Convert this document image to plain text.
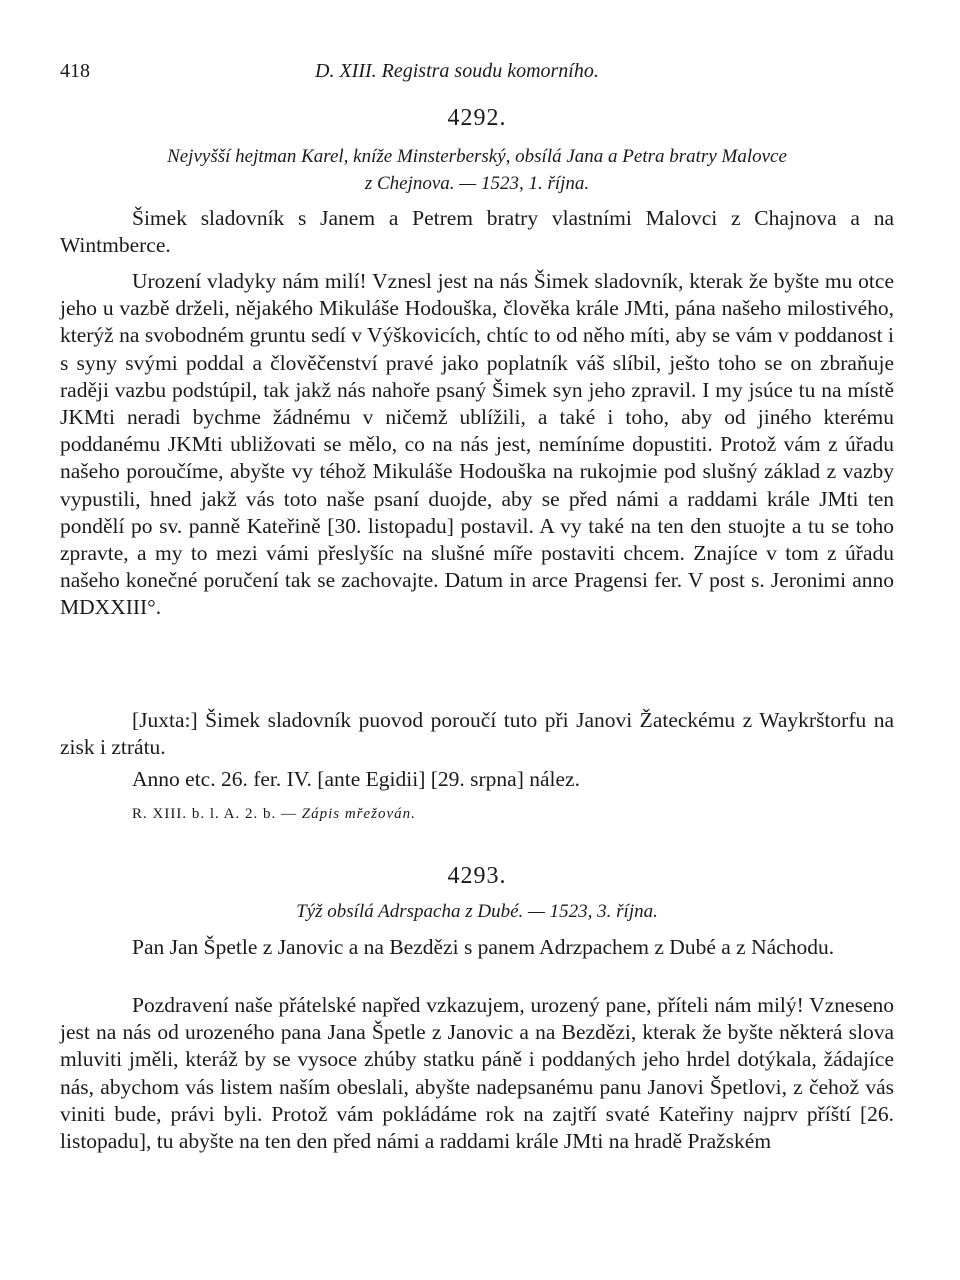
418	D. XIII. Registra soudu komorního.
4292.
Nejvyšší hejtman Karel, kníže Minsterberský, obsílá Jana a Petra bratry Malovce
z Chejnova. — 1523, 1. října.

Šimek sladovník s Janem a Petrem bratry vlastními Malovci z Chajnova a na Wintmberce.

Urození vladyky nám milí! Vznesl jest na nás Šimek sladovník, kterak že byšte mu otce jeho u vazbě drželi, nějakého Mikuláše Hodouška, člověka krále JMti, pána našeho milostivého, kterýž na svobodném gruntu sedí v Výškovicích, chtíc to od něho míti, aby se vám v poddanost i s syny svými poddal a člověčenství pravé jako poplatník váš slíbil, ješto toho se on zbraňuje raději vazbu podstúpil, tak jakž nás nahoře psaný Šimek syn jeho zpravil. I my jsúce tu na místě JKMti neradi bychme žádnému v ničemž ublížili, a také i toho, aby od jiného kterému poddanému JKMti ubližovati se mělo, co na nás jest, nemíníme dopustiti. Protož vám z úřadu našeho poroučíme, abyšte vy téhož Mikuláše Hodouška na rukojmie pod slušný základ z vazby vypustili, hned jakž vás toto naše psaní duojde, aby se před námi a raddami krále JMti ten pondělí po sv. panně Kateřině [30. listopadu] postavil. A vy také na ten den stuojte a tu se toho zpravte, a my to mezi vámi přeslyšíc na slušné míře postaviti chcem. Znajíce v tom z úřadu našeho konečné poručení tak se zachovajte. Datum in arce Pragensi fer. V post s. Jeronimi anno MDXXIII°.

[Juxta:] Šimek sladovník puovod poroučí tuto při Janovi Žateckému z Waykrštorfu na zisk i ztrátu.

Anno etc. 26. fer. IV. [ante Egidii] [29. srpna] nález.

R. XIII. b. l. A. 2. b. — Zápis mřežován.
4293.
Týž obsílá Adrspacha z Dubé. — 1523, 3. října.

Pan Jan Špetle z Janovic a na Bezdězi s panem Adrzpachem z Dubé a z Náchodu.

Pozdravení naše přátelské napřed vzkazujem, urozený pane, příteli nám milý! Vzneseno jest na nás od urozeného pana Jana Špetle z Janovic a na Bezdězi, kterak že byšte některá slova mluviti jměli, kteráž by se vysoce zhúby statku páně i poddaných jeho hrdel dotýkala, žádajíce nás, abychom vás listem naším obeslali, abyšte nadepsanému panu Janovi Špetlovi, z čehož vás viniti bude, právi byli. Protož vám pokládáme rok na zajtří svaté Kateřiny najprv příští [26. listopadu], tu abyšte na ten den před námi a raddami krále JMti na hradě Pražském
